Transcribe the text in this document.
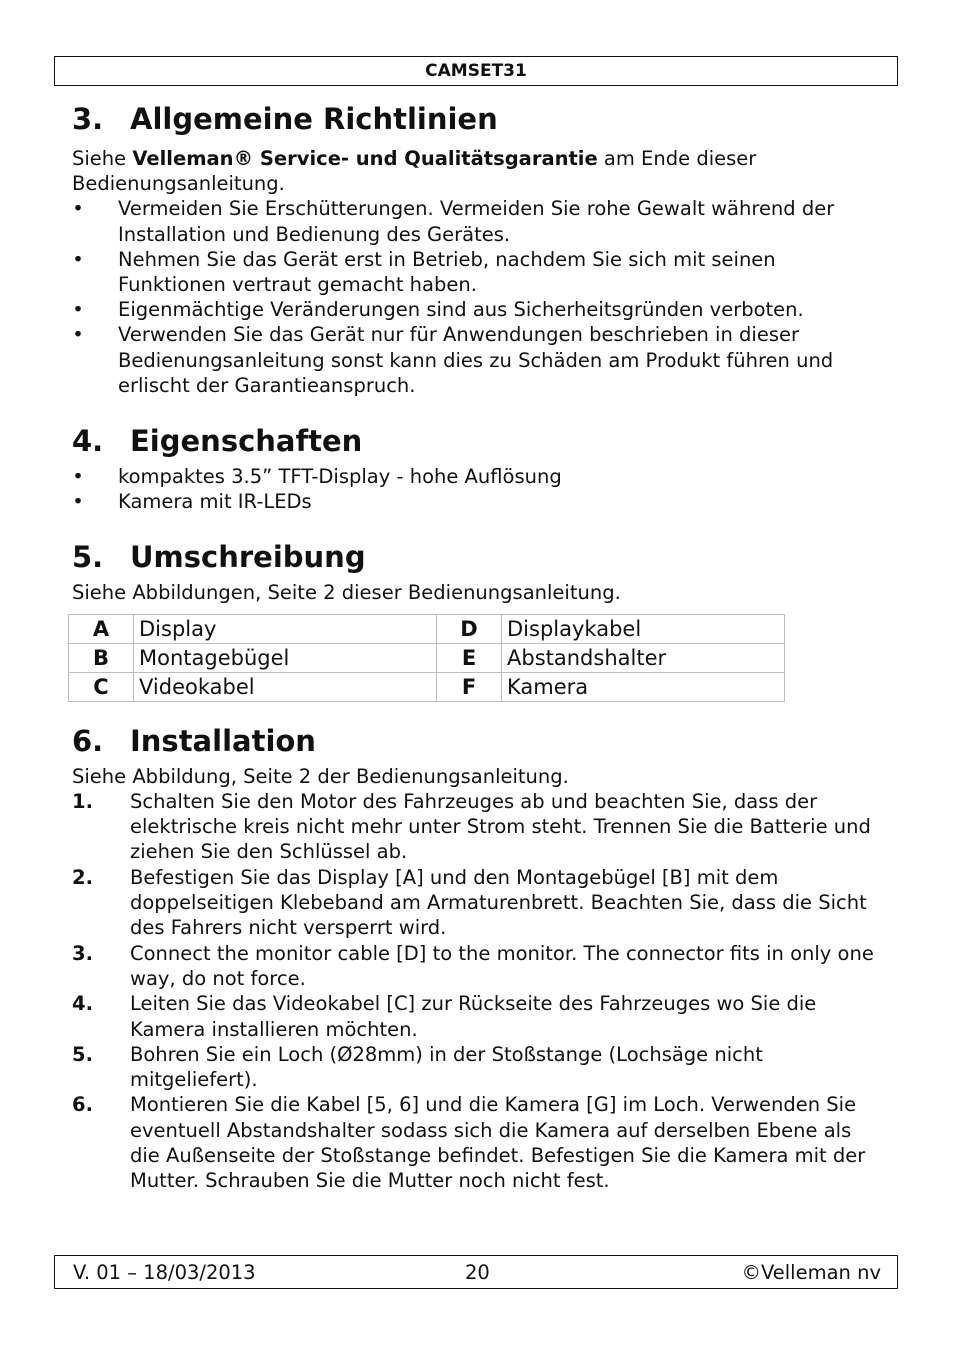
CAMSET31
3. Allgemeine Richtlinien

Siehe Velleman® Service- und Qualitätsgarantie am Ende dieser Bedienungsanleitung.

• Vermeiden Sie Erschütterungen. Vermeiden Sie rohe Gewalt während der Installation und Bedienung des Gerätes.
• Nehmen Sie das Gerät erst in Betrieb, nachdem Sie sich mit seinen Funktionen vertraut gemacht haben.
• Eigenmächtige Veränderungen sind aus Sicherheitsgründen verboten.
• Verwenden Sie das Gerät nur für Anwendungen beschrieben in dieser Bedienungsanleitung sonst kann dies zu Schäden am Produkt führen und erlischt der Garantieanspruch.
4. Eigenschaften
• kompaktes 3.5” TFT-Display - hohe Auflösung
• Kamera mit IR-LEDs
5. Umschreibung

Siehe Abbildungen, Seite 2 dieser Bedienungsanleitung.

A	Display	D	Displaykabel
B	Montagebügel	E	Abstandshalter
C	Videokabel	F	Kamera
6. Installation

Siehe Abbildung, Seite 2 der Bedienungsanleitung.

1. Schalten Sie den Motor des Fahrzeuges ab und beachten Sie, dass der elektrische kreis nicht mehr unter Strom steht. Trennen Sie die Batterie und ziehen Sie den Schlüssel ab.
2. Befestigen Sie das Display [A] und den Montagebügel [B] mit dem doppelseitigen Klebeband am Armaturenbrett. Beachten Sie, dass die Sicht des Fahrers nicht versperrt wird.
3. Connect the monitor cable [D] to the monitor. The connector fits in only one way, do not force.
4. Leiten Sie das Videokabel [C] zur Rückseite des Fahrzeuges wo Sie die Kamera installieren möchten.
5. Bohren Sie ein Loch (Ø28mm) in der Stoßstange (Lochsäge nicht mitgeliefert).
6. Montieren Sie die Kabel [5, 6] und die Kamera [G] im Loch. Verwenden Sie eventuell Abstandshalter sodass sich die Kamera auf derselben Ebene als die Außenseite der Stoßstange befindet. Befestigen Sie die Kamera mit der Mutter. Schrauben Sie die Mutter noch nicht fest.
V. 01 – 18/03/2013	20	©Velleman nv
